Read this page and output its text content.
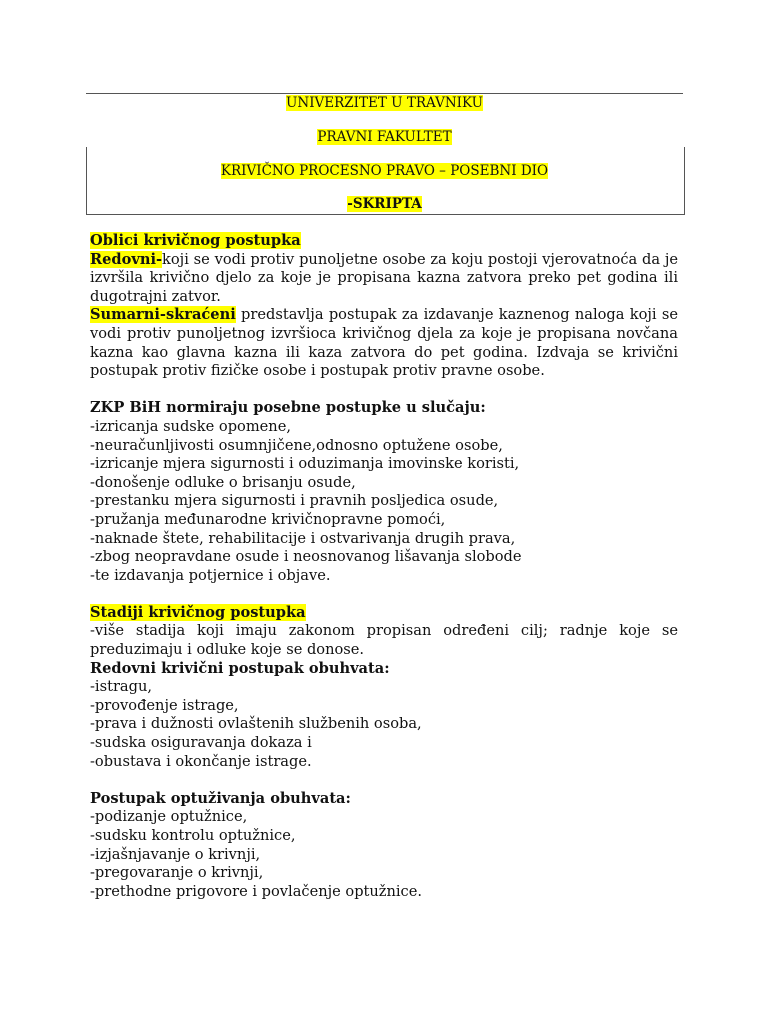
UNIVERZITET U TRAVNIKU

PRAVNI FAKULTET

KRIVIČNO PROCESNO PRAVO – POSEBNI DIO

-SKRIPTA

Oblici krivičnog postupka

Redovni-koji se vodi protiv punoljetne osobe za koju postoji vjerovatnoća da je izvršila krivično djelo za koje je propisana kazna zatvora preko pet godina ili dugotrajni zatvor.

Sumarni-skraćeni predstavlja postupak za izdavanje kaznenog naloga koji se vodi protiv punoljetnog izvršioca krivičnog djela za koje je propisana novčana kazna kao glavna kazna ili kaza zatvora do pet godina. Izdvaja se krivični postupak protiv fizičke osobe i postupak protiv pravne osobe.

ZKP BiH normiraju posebne postupke u slučaju:

-izricanja sudske opomene,

-neuračunljivosti osumnjičene,odnosno optužene osobe,

-izricanje mjera sigurnosti i oduzimanja imovinske koristi,

-donošenje odluke o brisanju osude,

-prestanku mjera sigurnosti i pravnih posljedica osude,

-pružanja međunarodne krivičnopravne pomoći,

-naknade štete, rehabilitacije i ostvarivanja drugih prava,

-zbog neopravdane osude i neosnovanog lišavanja slobode

-te izdavanja potjernice i objave.

Stadiji krivičnog postupka

-više stadija koji imaju zakonom propisan određeni cilj; radnje koje se preduzimaju i odluke koje se donose.

Redovni krivični postupak obuhvata:

-istragu,

-provođenje istrage,

-prava i dužnosti ovlaštenih službenih osoba,

-sudska osiguravanja dokaza i

-obustava i okončanje istrage.

Postupak optuživanja obuhvata:

-podizanje optužnice,

-sudsku kontrolu optužnice,

-izjašnjavanje o krivnji,

-pregovaranje o krivnji,

-prethodne prigovore i povlačenje optužnice.
